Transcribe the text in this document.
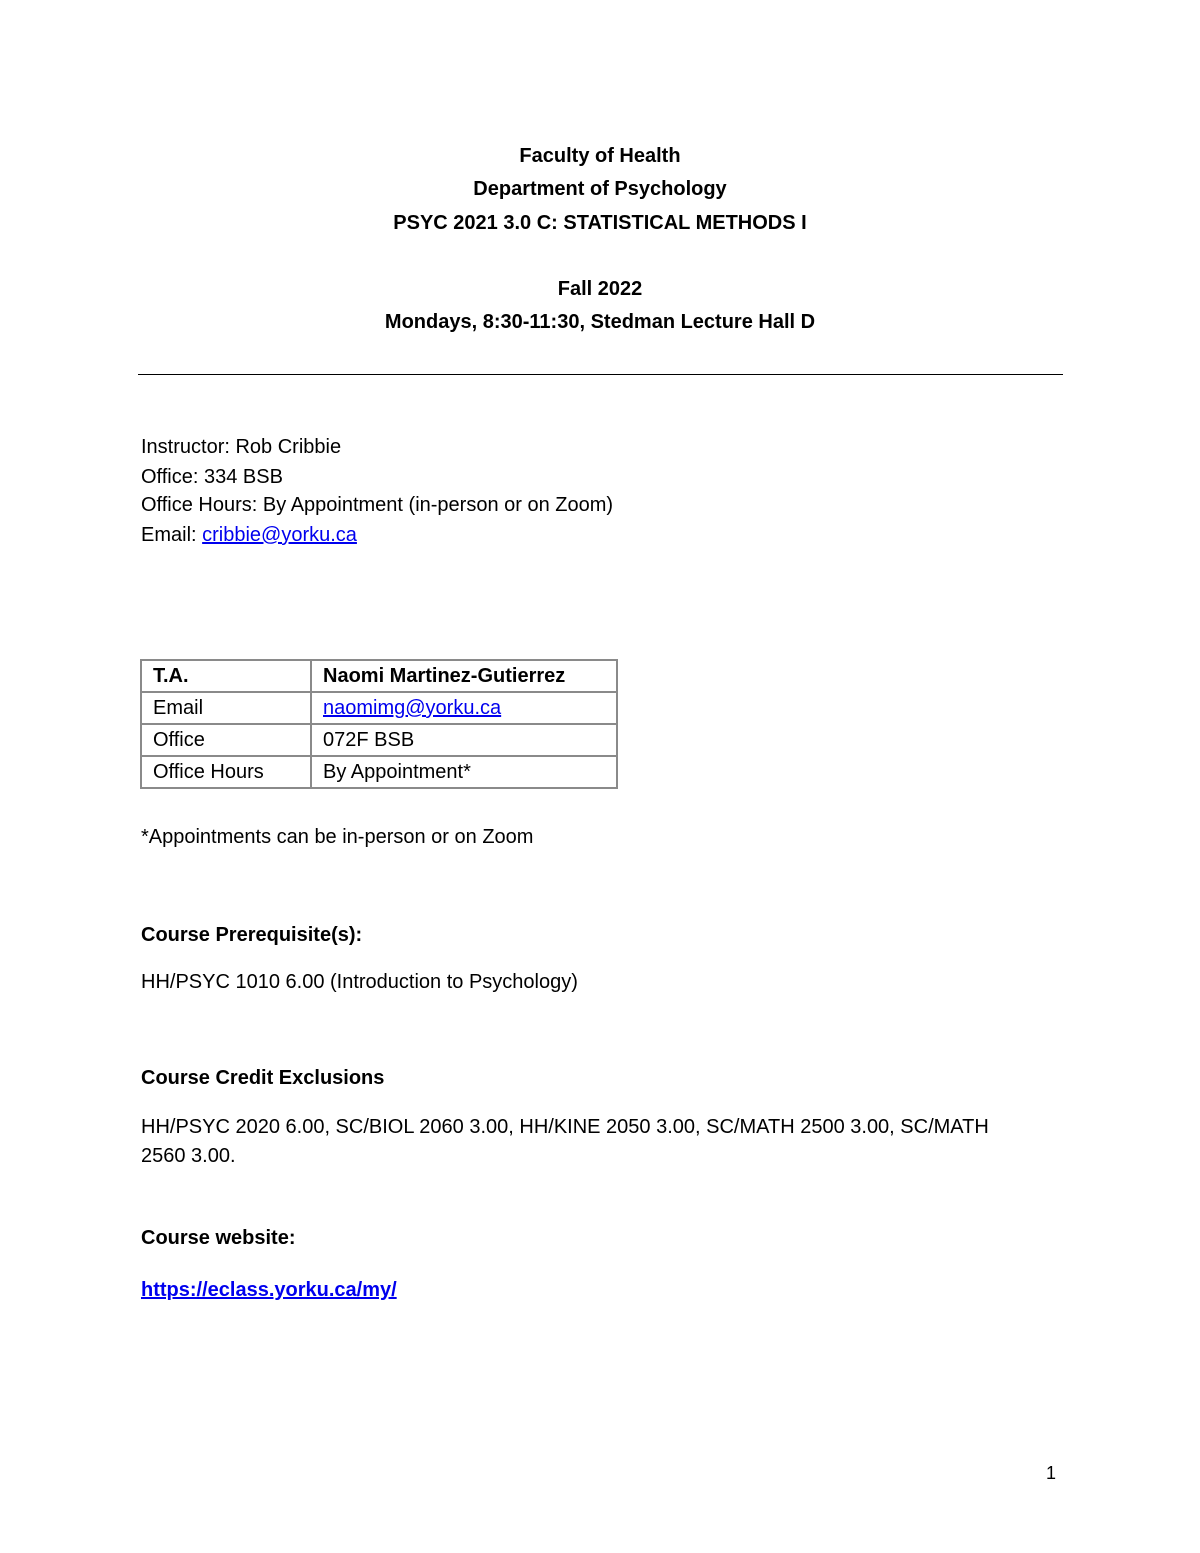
Faculty of Health
Department of Psychology
PSYC 2021 3.0 C: STATISTICAL METHODS I
Fall 2022
Mondays, 8:30-11:30, Stedman Lecture Hall D
Instructor: Rob Cribbie
Office: 334 BSB
Office Hours: By Appointment (in-person or on Zoom)
Email: cribbie@yorku.ca
T.A.	Naomi Martinez-Gutierrez
Email	naomimg@yorku.ca
Office	072F BSB
Office Hours	By Appointment*
*Appointments can be in-person or on Zoom
Course Prerequisite(s):
HH/PSYC 1010 6.00 (Introduction to Psychology)
Course Credit Exclusions
HH/PSYC 2020 6.00, SC/BIOL 2060 3.00, HH/KINE 2050 3.00, SC/MATH 2500 3.00, SC/MATH
2560 3.00.
Course website:
https://eclass.yorku.ca/my/
1
